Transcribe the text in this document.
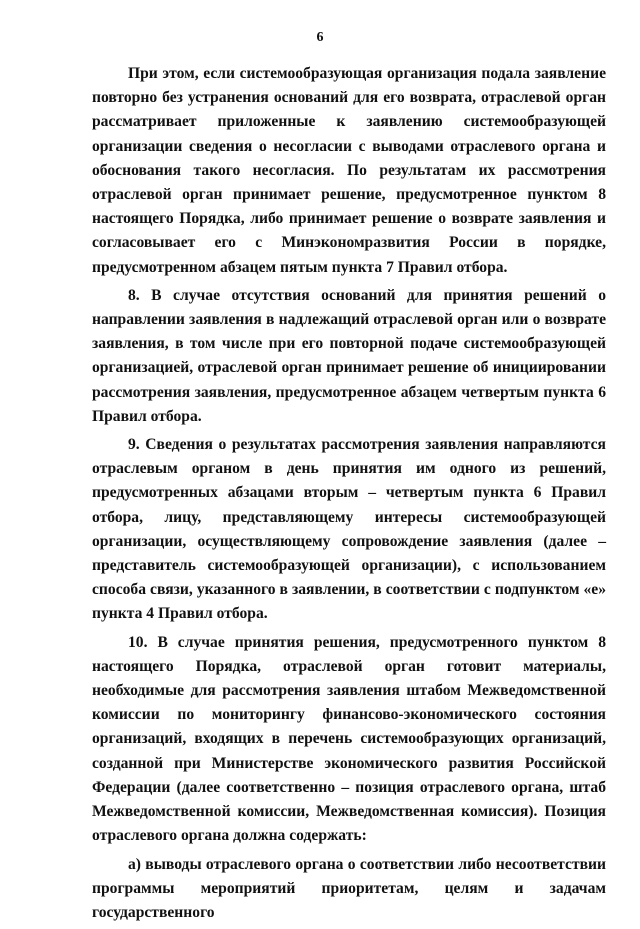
6

При этом, если системообразующая организация подала заявление повторно без устранения оснований для его возврата, отраслевой орган рассматривает приложенные к заявлению системообразующей организации сведения о несогласии с выводами отраслевого органа и обоснования такого несогласия. По результатам их рассмотрения отраслевой орган принимает решение, предусмотренное пунктом 8 настоящего Порядка, либо принимает решение о возврате заявления и согласовывает его с Минэкономразвития России в порядке, предусмотренном абзацем пятым пункта 7 Правил отбора.

8. В случае отсутствия оснований для принятия решений о направлении заявления в надлежащий отраслевой орган или о возврате заявления, в том числе при его повторной подаче системообразующей организацией, отраслевой орган принимает решение об инициировании рассмотрения заявления, предусмотренное абзацем четвертым пункта 6 Правил отбора.

9. Сведения о результатах рассмотрения заявления направляются отраслевым органом в день принятия им одного из решений, предусмотренных абзацами вторым – четвертым пункта 6 Правил отбора, лицу, представляющему интересы системообразующей организации, осуществляющему сопровождение заявления (далее – представитель системообразующей организации), с использованием способа связи, указанного в заявлении, в соответствии с подпунктом «е» пункта 4 Правил отбора.

10. В случае принятия решения, предусмотренного пунктом 8 настоящего Порядка, отраслевой орган готовит материалы, необходимые для рассмотрения заявления штабом Межведомственной комиссии по мониторингу финансово-экономического состояния организаций, входящих в перечень системообразующих организаций, созданной при Министерстве экономического развития Российской Федерации (далее соответственно – позиция отраслевого органа, штаб Межведомственной комиссии, Межведомственная комиссия). Позиция отраслевого органа должна содержать:

а) выводы отраслевого органа о соответствии либо несоответствии программы мероприятий приоритетам, целям и задачам государственного
